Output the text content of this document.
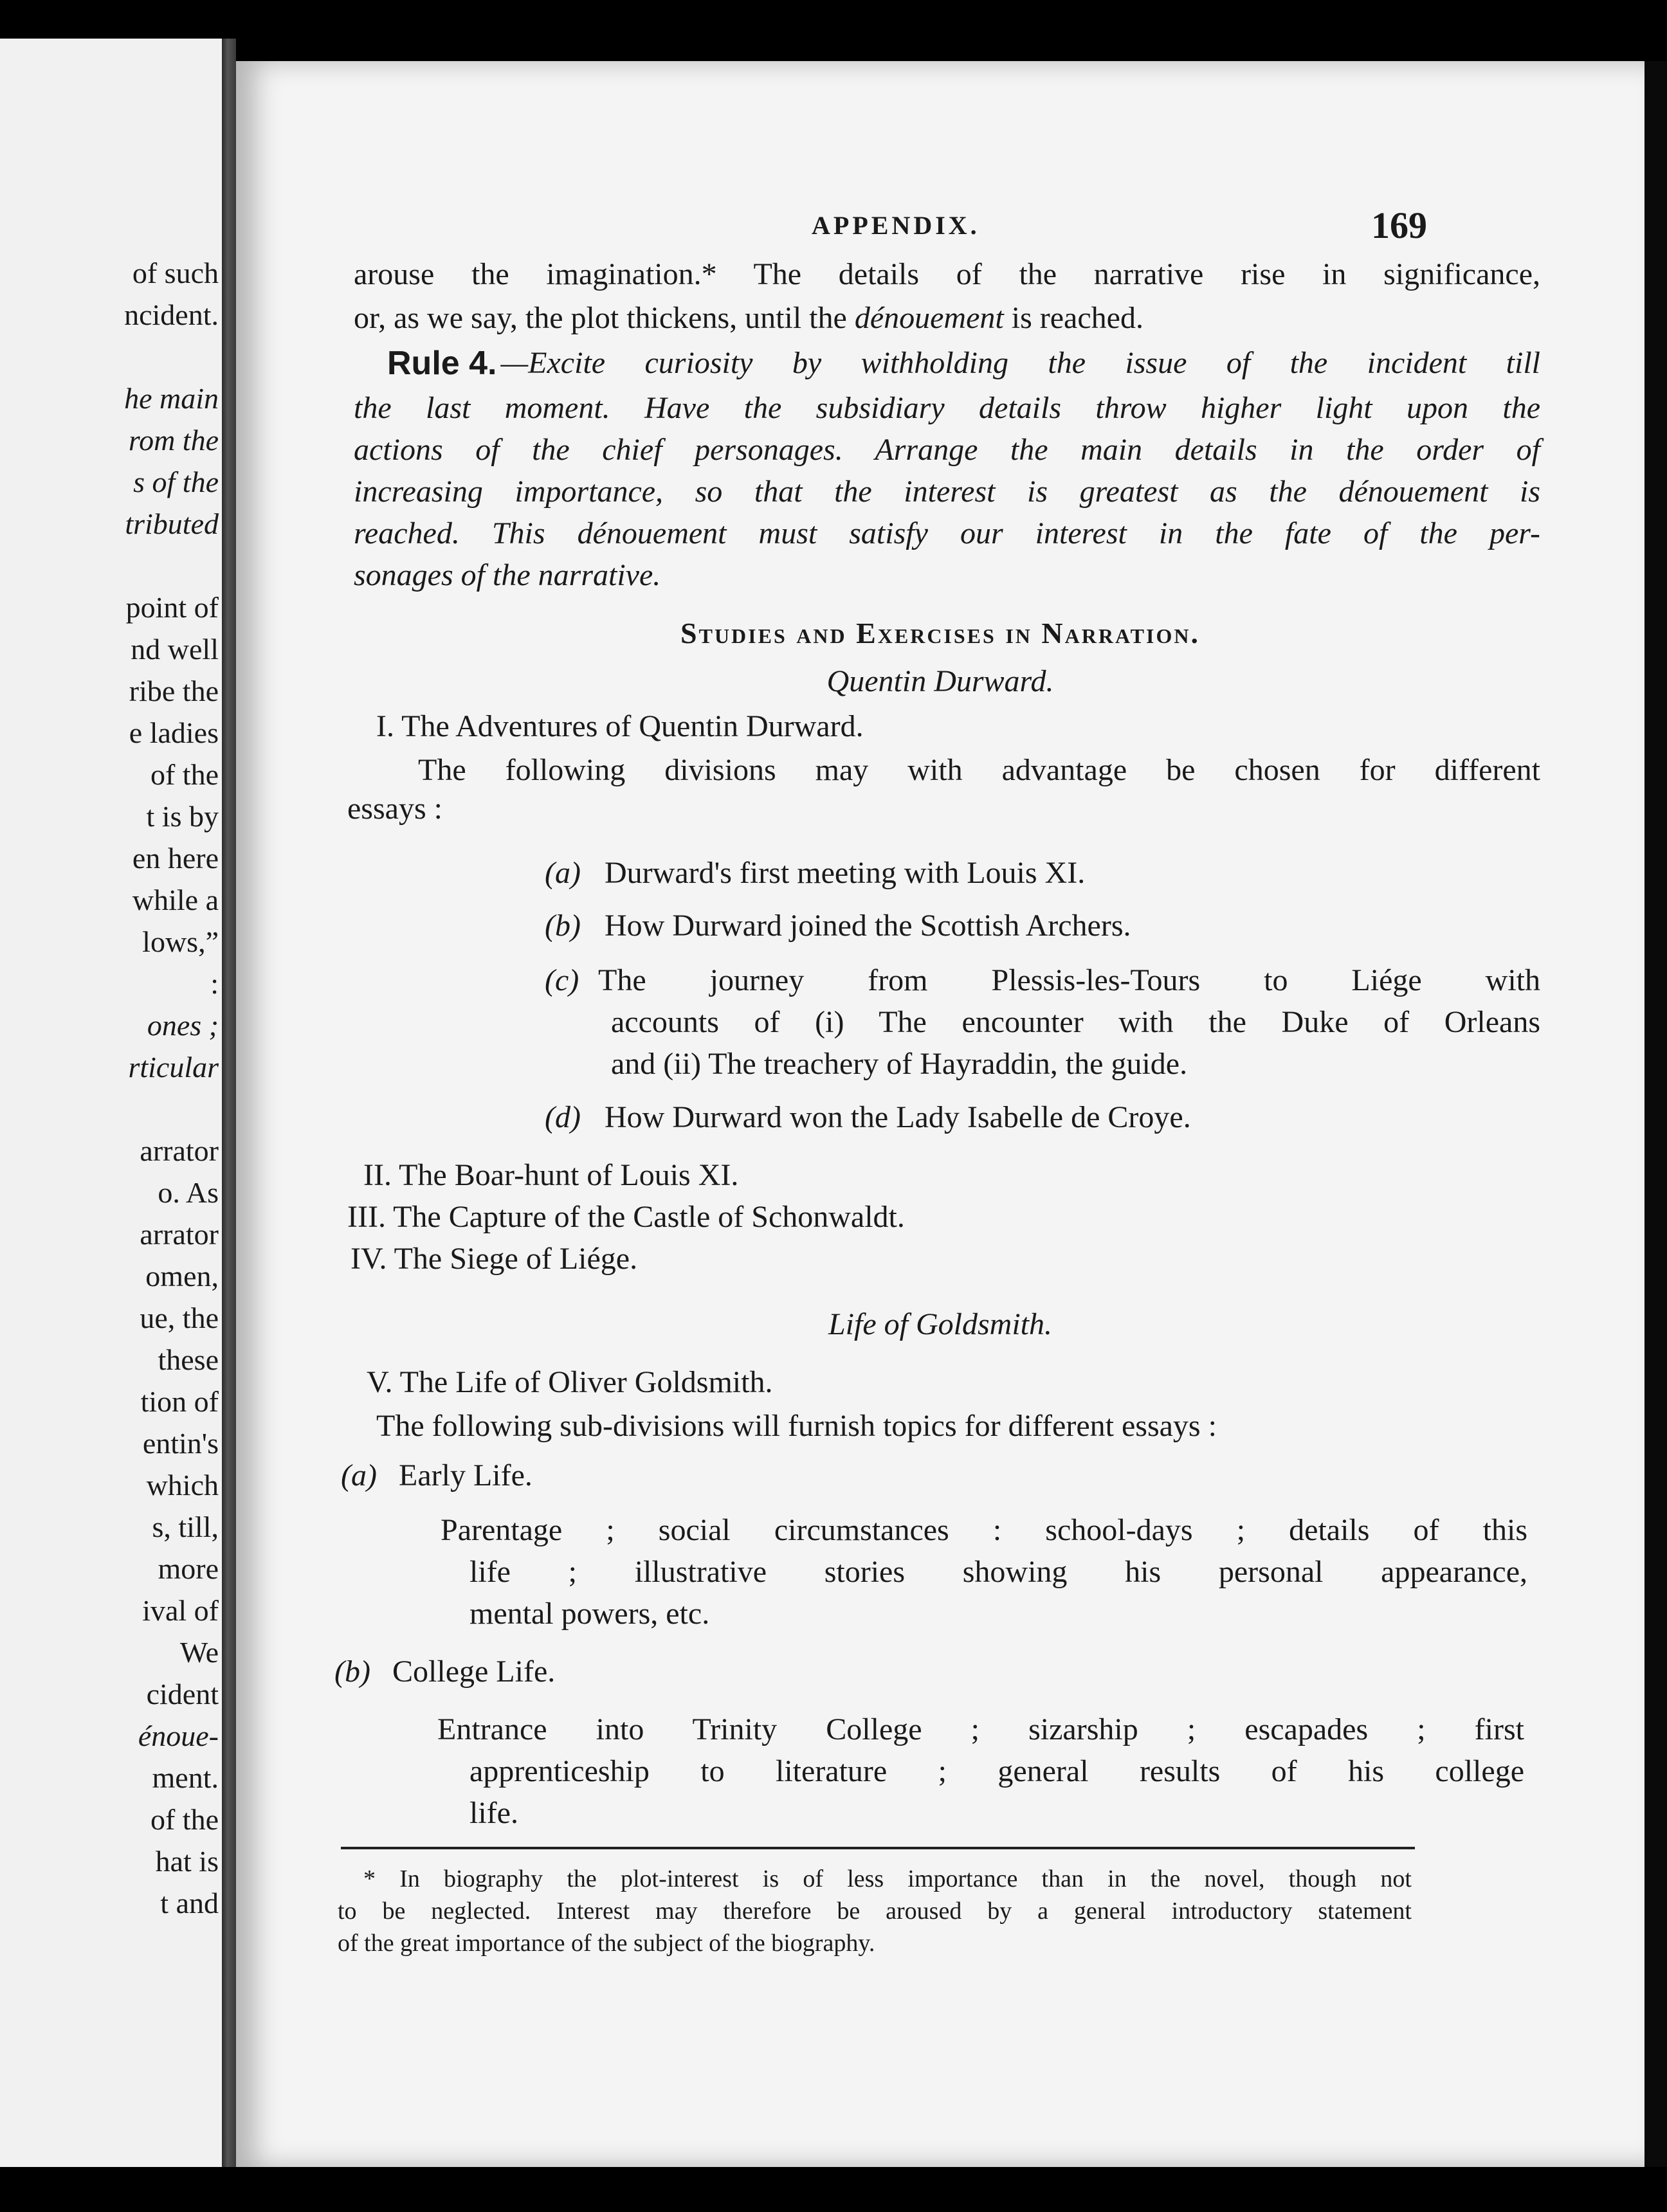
of such
ncident.
he main
rom the
s of the
tributed
point of
nd well
ribe the
e ladies
of the
t is by
en here
while a
lows,”
:
ones ;
rticular
arrator
o. As
arrator
omen,
ue, the
these
tion of
entin's
which
s, till,
more
ival of
We
cident
énoue-
ment.
of the
hat is
t and
APPENDIX.	169
arouse the imagination.* The details of the narrative rise in significance,
or, as we say, the plot thickens, until the dénouement is reached.
Rule 4. —Excite curiosity by withholding the issue of the incident till
the last moment. Have the subsidiary details throw higher light upon the
actions of the chief personages. Arrange the main details in the order of
increasing importance, so that the interest is greatest as the dénouement is
reached. This dénouement must satisfy our interest in the fate of the per-
sonages of the narrative.
Studies and Exercises in Narration.
Quentin Durward.
I. The Adventures of Quentin Durward.
The following divisions may with advantage be chosen for different
essays :
(a) Durward's first meeting with Louis XI.
(b) How Durward joined the Scottish Archers.
(c) The journey from Plessis-les-Tours to Liége with
accounts of (i) The encounter with the Duke of Orleans
and (ii) The treachery of Hayraddin, the guide.
(d) How Durward won the Lady Isabelle de Croye.
II. The Boar-hunt of Louis XI.
III. The Capture of the Castle of Schonwaldt.
IV. The Siege of Liége.
Life of Goldsmith.
V. The Life of Oliver Goldsmith.
The following sub-divisions will furnish topics for different essays :
(a) Early Life.
Parentage ; social circumstances : school-days ; details of this
life ; illustrative stories showing his personal appearance,
mental powers, etc.
(b) College Life.
Entrance into Trinity College ; sizarship ; escapades ; first
apprenticeship to literature ; general results of his college
life.
* In biography the plot-interest is of less importance than in the novel, though not
to be neglected. Interest may therefore be aroused by a general introductory statement
of the great importance of the subject of the biography.
